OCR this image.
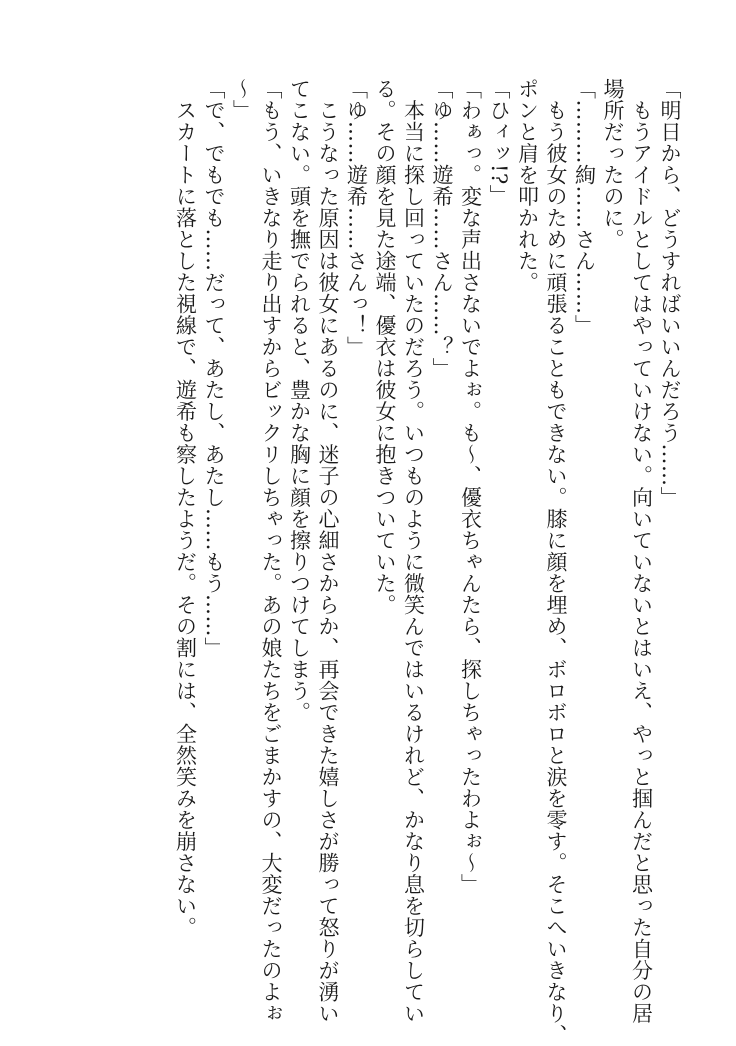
「明日から、どうすればいいんだろう……」
　もうアイドルとしてはやっていけない。向いていないとはいえ、やっと掴んだと思った自分の居
場所だったのに。
「………絢……さん……」
　もう彼女のために頑張ることもできない。膝に顔を埋め、ボロボロと涙を零す。そこへいきなり、
ポンと肩を叩かれた。
「ひィッ!?」
「わぁっ。変な声出さないでよぉ。も〜、優衣ちゃんたら、探しちゃったわよぉ〜」
「ゆ……遊希……さん……？」
　本当に探し回っていたのだろう。いつものように微笑んではいるけれど、かなり息を切らしてい
る。その顔を見た途端、優衣は彼女に抱きついていた。
「ゆ……遊希……さんっ！」
　こうなった原因は彼女にあるのに、迷子の心細さからか、再会できた嬉しさが勝って怒りが湧い
てこない。頭を撫でられると、豊かな胸に顔を擦りつけてしまう。
「もう、いきなり走り出すからビックリしちゃった。あの娘たちをごまかすの、大変だったのよぉ
〜」
「で、でもでも……だって、あたし、あたし……もう……」
　スカートに落とした視線で、遊希も察したようだ。その割には、全然笑みを崩さない。
